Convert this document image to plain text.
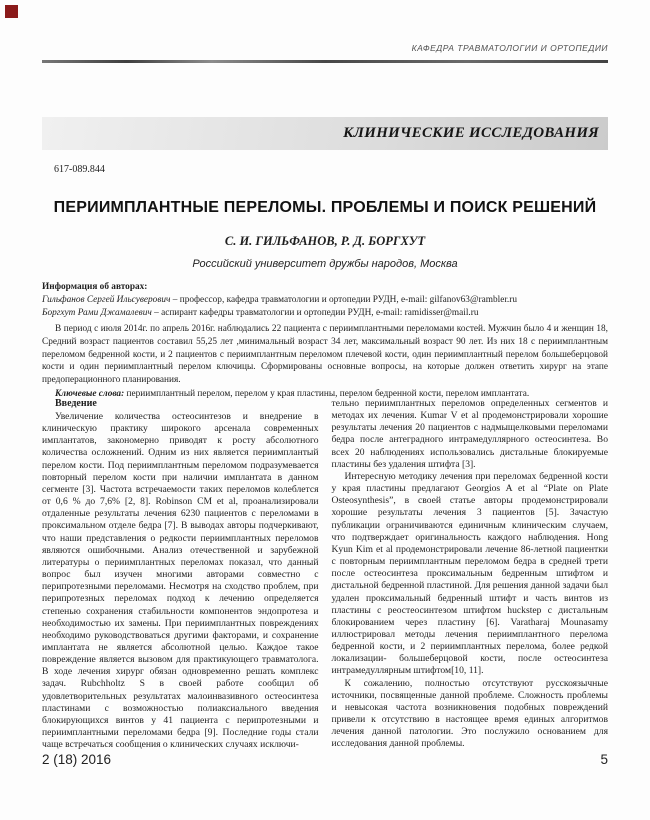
КАФЕДРА ТРАВМАТОЛОГИИ И ОРТОПЕДИИ
КЛИНИЧЕСКИЕ ИССЛЕДОВАНИЯ
617-089.844
ПЕРИИМПЛАНТНЫЕ ПЕРЕЛОМЫ. ПРОБЛЕМЫ И ПОИСК РЕШЕНИЙ
С. И. ГИЛЬФАНОВ, Р. Д. БОРГХУТ
Российский университет дружбы народов, Москва
Информация об авторах:
Гильфанов Сергей Ильсуверович – профессор, кафедра травматологии и ортопедии РУДН, e-mail: gilfanov63@rambler.ru
Боргхут Рами Джамалевич – аспирант кафедры травматологии и ортопедии РУДН, e-mail: ramidisser@mail.ru

В период с июля 2014г. по апрель 2016г. наблюдались 22 пациента с периимплантными переломами костей. Мужчин было 4 и женщин 18, Средний возраст пациентов составил 55,25 лет ,минимальный возраст 34 лет, максимальный возраст 90 лет. Из них 18 с периимплантным переломом бедренной кости, и 2 пациентов с периимплантным переломом плечевой кости, один периимплантный перелом большеберцовой кости и один периимплантный перелом ключицы. Сформированы основные вопросы, на которые должен ответить хирург на этапе предоперационного планирования.

Ключевые слова: периимплантный перелом, перелом у края пластины, перелом бедренной кости, перелом имплантата.

Введение

Увеличение количества остеосинтезов и внедрение в клиническую практику широкого арсенала современных имплантатов, закономерно приводят к росту абсолютного количества осложнений. Одним из них является периимплантый перелом кости. Под периимплантным переломом подразумевается повторный перелом кости при наличии имплантата в данном сегменте [3]. Частота встречаемости таких переломов колеблется от 0,6 % до 7,6% [2, 8]. Robinson CM et al, проанализировали отдаленные результаты лечения 6230 пациентов с переломами в проксимальном отделе бедра [7]. В выводах авторы подчеркивают, что наши представления о редкости периимплантных переломов являются ошибочными. Анализ отечественной и зарубежной литературы о периимплантных переломах показал, что данный вопрос был изучен многими авторами совместно с перипротезными переломами. Несмотря на сходство проблем, при перипротезных переломах подход к лечению определяется степенью сохранения стабильности компонентов эндопротеза и необходимостью их замены. При периимплантных повреждениях необходимо руководствоваться другими факторами, и сохранение имплантата не является абсолютной целью. Каждое такое повреждение является вызовом для практикующего травматолога. В ходе лечения хирург обязан одновременно решать комплекс задач. Rubchholtz S в своей работе сообщил об удовлетворительных результатах малоинвазивного остеосинтеза пластинами с возможностью полиаксиального введения блокирующихся винтов у 41 пациента с перипротезными и периимплантными переломами бедра [9]. Последние годы стали чаще встречаться сообщения о клинических случаях исключи-

тельно периимплантных переломов определенных сегментов и методах их лечения. Kumar V et al продемонстрировали хорошие результаты лечения 20 пациентов с надмыщелковыми переломами бедра после антеградного интрамедуллярного остеосинтеза. Во всех 20 наблюдениях использовались дистальные блокируемые пластины без удаления штифта [3].

Интересную методику лечения при переломах бедренной кости у края пластины предлагают Georgios A et al “Plate on Plate Osteosynthesis”, в своей статье авторы продемонстрировали хорошие результаты лечения 3 пациентов [5]. Зачастую публикации ограничиваются единичным клиническим случаем, что подтверждает оригинальность каждого наблюдения. Hong Kyun Kim et al продемонстрировали лечение 86-летной пациентки с повторным периимплантным переломом бедра в средней трети после остеосинтеза проксимальным бедренным штифтом и дистальной бедренной пластиной. Для решения данной задачи был удален проксимальный бедренный штифт и часть винтов из пластины с реостеосинтезом штифтом huckstep с дистальным блокированием через пластину [6]. Varatharaj Mounasamy иллюстрировал методы лечения периимплантного перелома бедренной кости, и 2 периимплантных перелома, более редкой локализации- большеберцовой кости, после остеосинтеза интрамедуллярным штифтом[10, 11].

К сожалению, полностью отсутствуют русскоязычные источники, посвященные данной проблеме. Сложность проблемы и невысокая частота возникновения подобных повреждений привели к отсутствию в настоящее время единых алгоритмов лечения данной патологии. Это послужило основанием для исследования данной проблемы.

2 (18) 2016	5
